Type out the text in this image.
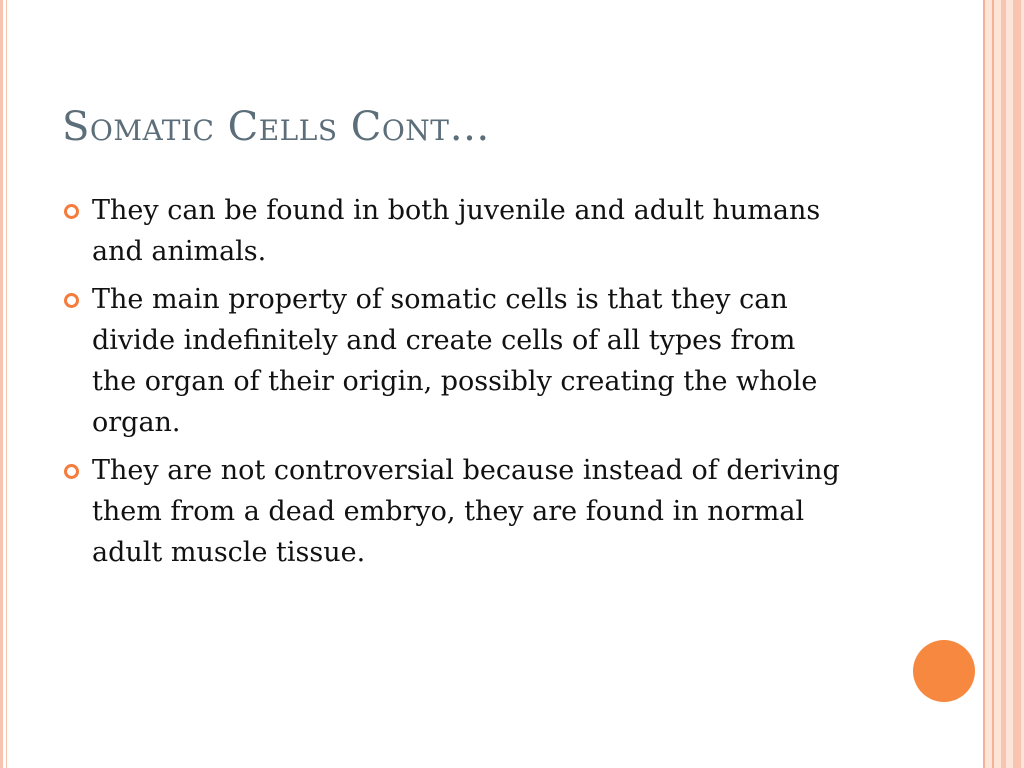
Somatic Cells Cont…
They can be found in both juvenile and adult humans and animals.
The main property of somatic cells is that they can divide indefinitely and create cells of all types from the organ of their origin, possibly creating the whole organ.
They are not controversial because instead of deriving them from a dead embryo, they are found in normal adult muscle tissue.
